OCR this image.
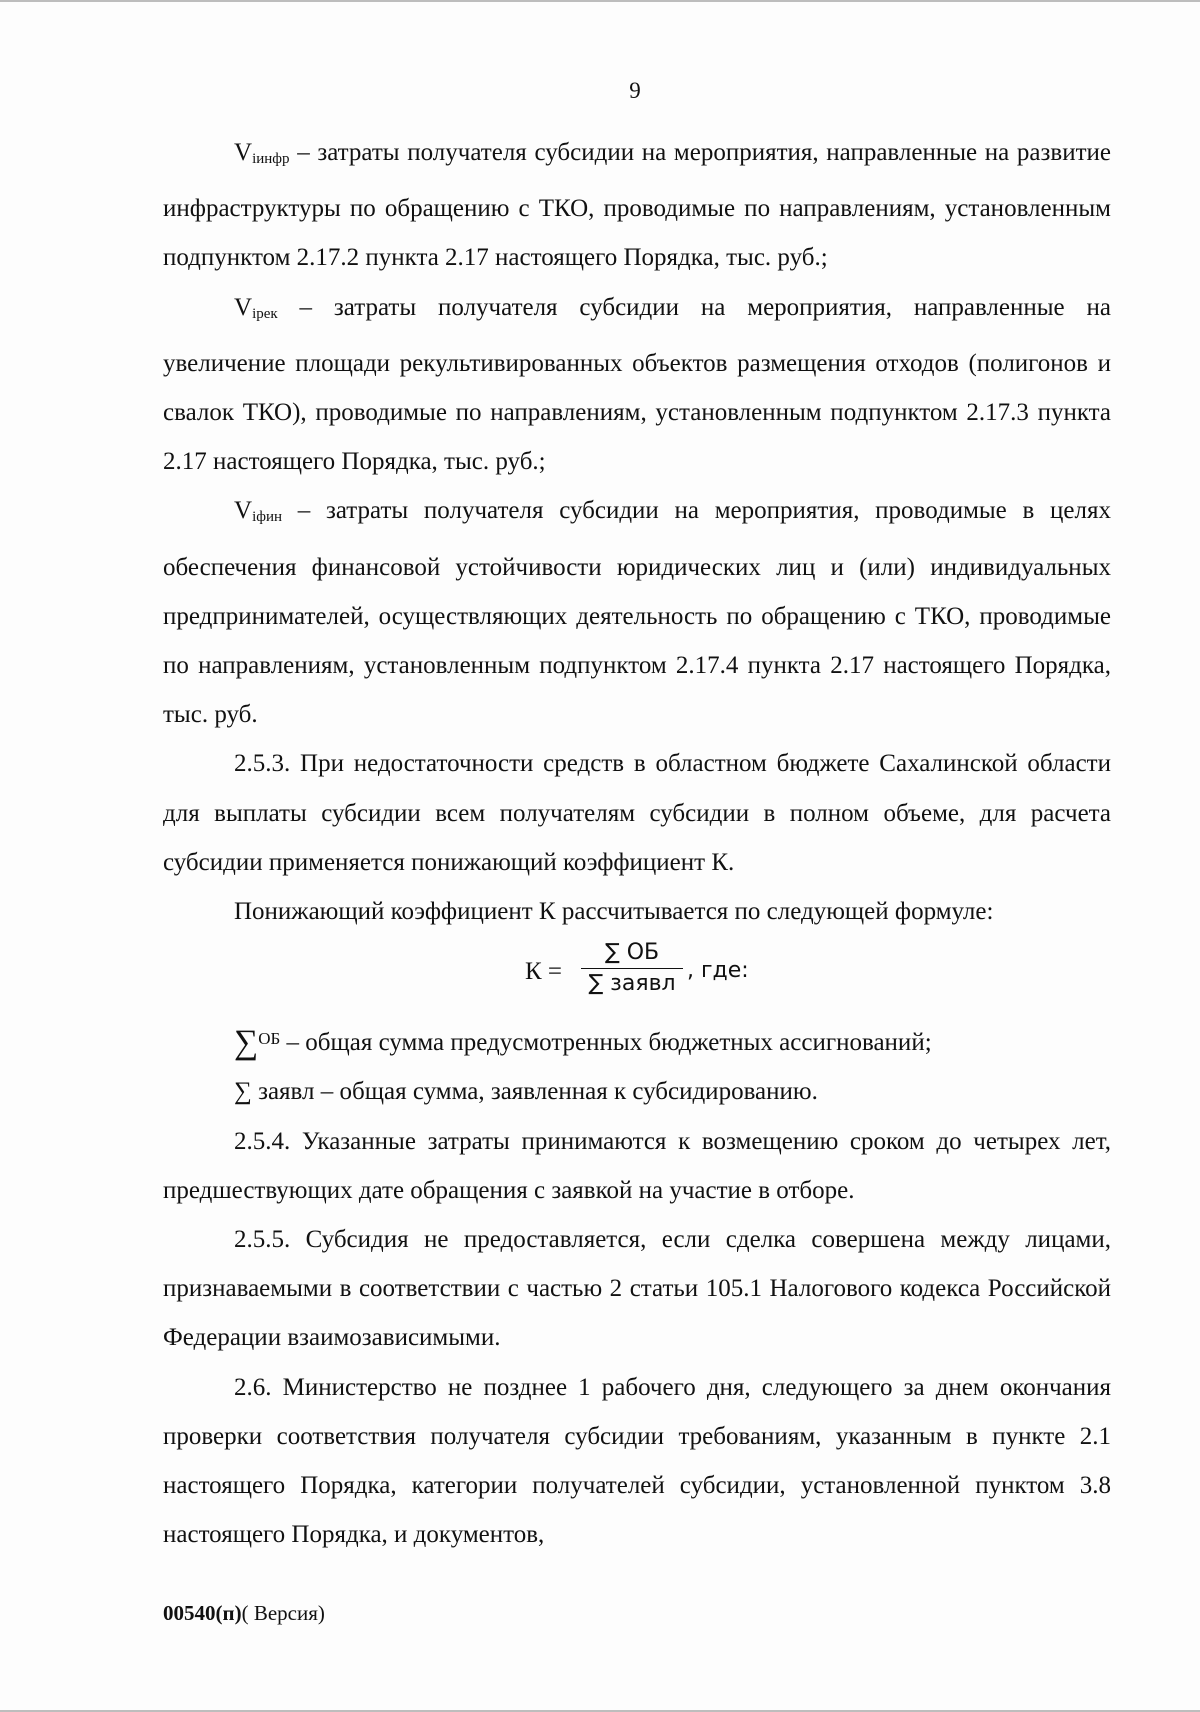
9

$V_{iинфр}$ – затраты получателя субсидии на мероприятия, направленные на развитие инфраструктуры по обращению с ТКО, проводимые по направлениям, установленным подпунктом 2.17.2 пункта 2.17 настоящего Порядка, тыс. руб.;

$V_{iрек}$ – затраты получателя субсидии на мероприятия, направленные на увеличение площади рекультивированных объектов размещения отходов (полигонов и свалок ТКО), проводимые по направлениям, установленным подпунктом 2.17.3 пункта 2.17 настоящего Порядка, тыс. руб.;

$V_{iфин}$ – затраты получателя субсидии на мероприятия, проводимые в целях обеспечения финансовой устойчивости юридических лиц и (или) индивидуальных предпринимателей, осуществляющих деятельность по обращению с ТКО, проводимые по направлениям, установленным подпунктом 2.17.4 пункта 2.17 настоящего Порядка, тыс. руб.

2.5.3. При недостаточности средств в областном бюджете Сахалинской области для выплаты субсидии всем получателям субсидии в полном объеме, для расчета субсидии применяется понижающий коэффициент К.

Понижающий коэффициент К рассчитывается по следующей формуле:

К =
∑ ОБ
∑ заявл
, где:

∑$^{ОБ}$ – общая сумма предусмотренных бюджетных ассигнований;

∑ заявл – общая сумма, заявленная к субсидированию.

2.5.4. Указанные затраты принимаются к возмещению сроком до четырех лет, предшествующих дате обращения с заявкой на участие в отборе.

2.5.5. Субсидия не предоставляется, если сделка совершена между лицами, признаваемыми в соответствии с частью 2 статьи 105.1 Налогового кодекса Российской Федерации взаимозависимыми.

2.6. Министерство не позднее 1 рабочего дня, следующего за днем окончания проверки соответствия получателя субсидии требованиям, указанным в пункте 2.1 настоящего Порядка, категории получателей субсидии, установленной пунктом 3.8 настоящего Порядка, и документов,

00540(п)( Версия)
